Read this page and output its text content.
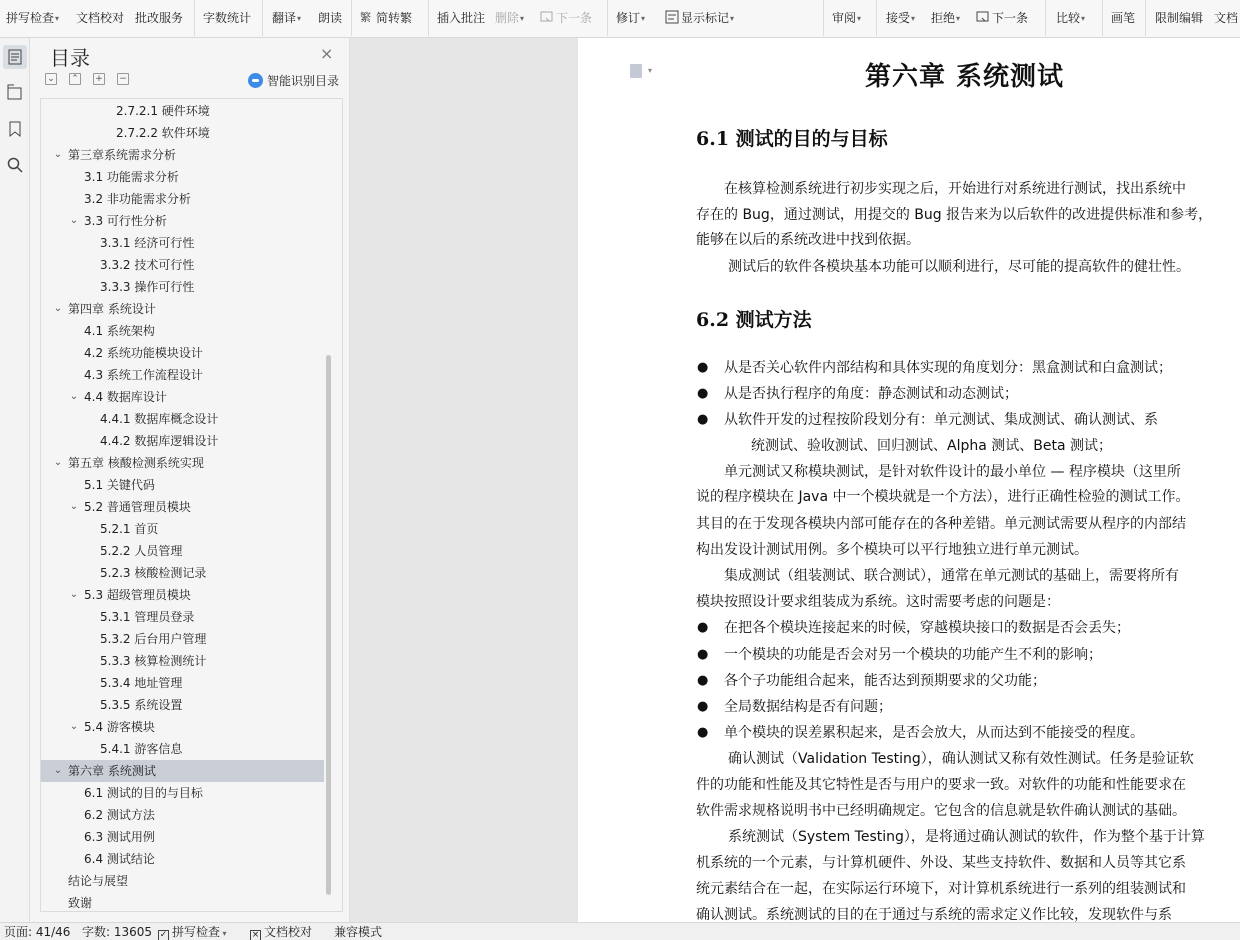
拼写检查▾ 文档校对 批改服务 字数统计 翻译▾ 朗读 繁 简转繁 插入批注 删除▾	下一条 修订▾	显示标记▾	审阅▾ 接受▾ 拒绝▾	下一条 比较▾ 画笔 限制编辑 文档
目录	×
⌄ ⌃ + −	智能识别目录
2.7.2.1 硬件环境
2.7.2.2 软件环境
⌄ 第三章系统需求分析
3.1 功能需求分析
3.2 非功能需求分析
⌄ 3.3 可行性分析
3.3.1 经济可行性
3.3.2 技术可行性
3.3.3 操作可行性
⌄ 第四章 系统设计
4.1 系统架构
4.2 系统功能模块设计
4.3 系统工作流程设计
⌄ 4.4 数据库设计
4.4.1 数据库概念设计
4.4.2 数据库逻辑设计
⌄ 第五章 核酸检测系统实现
5.1 关键代码
⌄ 5.2 普通管理员模块
5.2.1 首页
5.2.2 人员管理
5.2.3 核酸检测记录
⌄ 5.3 超级管理员模块
5.3.1 管理员登录
5.3.2 后台用户管理
5.3.3 核算检测统计
5.3.4 地址管理
5.3.5 系统设置
⌄ 5.4 游客模块
5.4.1 游客信息
⌄ 第六章 系统测试
6.1 测试的目的与目标
6.2 测试方法
6.3 测试用例
6.4 测试结论
结论与展望
致谢
▾	第六章 系统测试
6.1 测试的目的与目标
6.2 测试方法
在核算检测系统进行初步实现之后，开始进行对系统进行测试，找出系统中
存在的 Bug，通过测试，用提交的 Bug 报告来为以后软件的改进提供标准和参考，
能够在以后的系统改进中找到依据。
测试后的软件各模块基本功能可以顺利进行，尽可能的提高软件的健壮性。
● 从是否关心软件内部结构和具体实现的角度划分：黑盒测试和白盒测试；
● 从是否执行程序的角度：静态测试和动态测试；
● 从软件开发的过程按阶段划分有：单元测试、集成测试、确认测试、系
统测试、验收测试、回归测试、Alpha 测试、Beta 测试；
单元测试又称模块测试，是针对软件设计的最小单位 — 程序模块（这里所
说的程序模块在 Java 中一个模块就是一个方法），进行正确性检验的测试工作。
其目的在于发现各模块内部可能存在的各种差错。单元测试需要从程序的内部结
构出发设计测试用例。多个模块可以平行地独立进行单元测试。
集成测试（组装测试、联合测试），通常在单元测试的基础上，需要将所有
模块按照设计要求组装成为系统。这时需要考虑的问题是：
● 在把各个模块连接起来的时候，穿越模块接口的数据是否会丢失；
● 一个模块的功能是否会对另一个模块的功能产生不利的影响；
● 各个子功能组合起来，能否达到预期要求的父功能；
● 全局数据结构是否有问题；
● 单个模块的误差累积起来，是否会放大，从而达到不能接受的程度。
确认测试（Validation Testing），确认测试又称有效性测试。任务是验证软
件的功能和性能及其它特性是否与用户的要求一致。对软件的功能和性能要求在
软件需求规格说明书中已经明确规定。它包含的信息就是软件确认测试的基础。
系统测试（System Testing），是将通过确认测试的软件，作为整个基于计算
机系统的一个元素，与计算机硬件、外设、某些支持软件、数据和人员等其它系
统元素结合在一起，在实际运行环境下，对计算机系统进行一系列的组装测试和
确认测试。系统测试的目的在于通过与系统的需求定义作比较，发现软件与系
页面: 41/46 字数: 13605 ✓ 拼写检查 ▾	× 文档校对 兼容模式
